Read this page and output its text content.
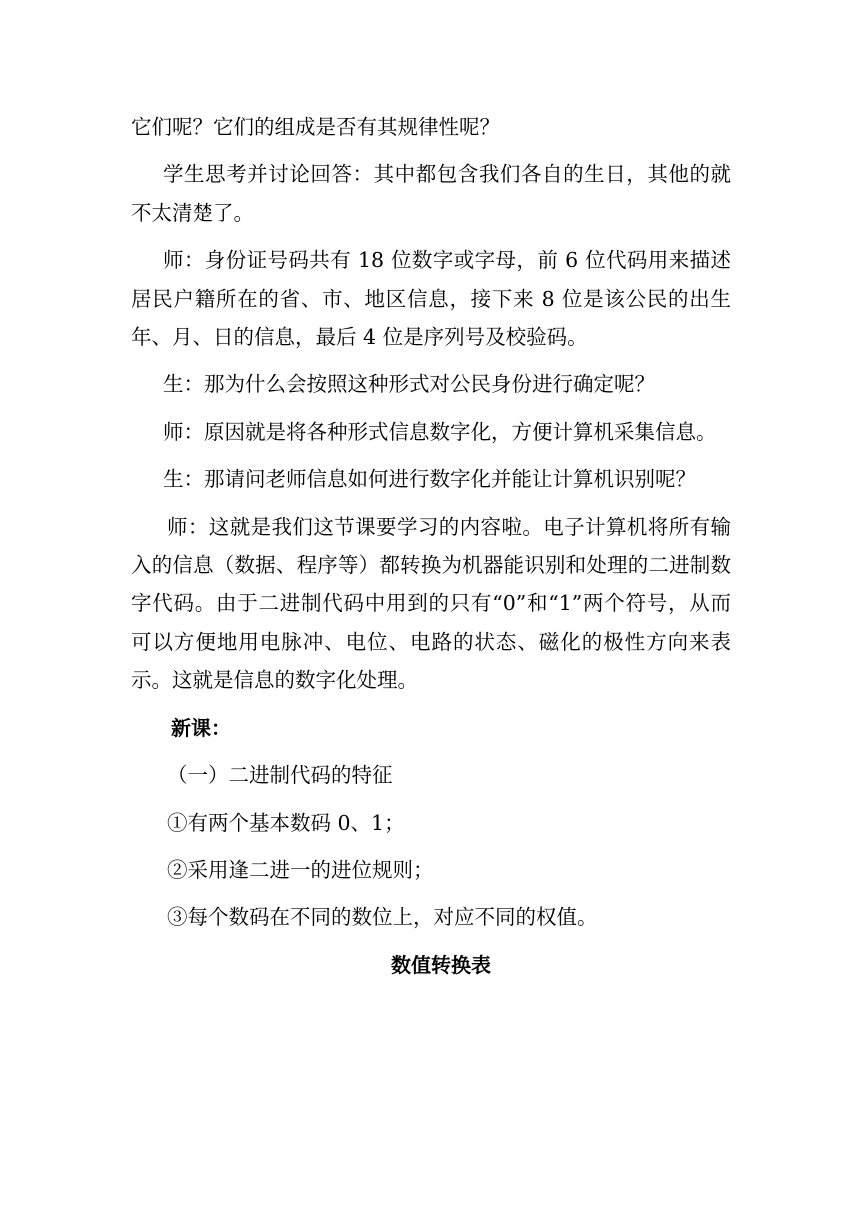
它们呢？它们的组成是否有其规律性呢？

学生思考并讨论回答：其中都包含我们各自的生日，其他的就不太清楚了。

师：身份证号码共有 18 位数字或字母，前 6 位代码用来描述居民户籍所在的省、市、地区信息，接下来 8 位是该公民的出生年、月、日的信息，最后 4 位是序列号及校验码。

生：那为什么会按照这种形式对公民身份进行确定呢？

师：原因就是将各种形式信息数字化，方便计算机采集信息。

生：那请问老师信息如何进行数字化并能让计算机识别呢？

师：这就是我们这节课要学习的内容啦。电子计算机将所有输入的信息（数据、程序等）都转换为机器能识别和处理的二进制数字代码。由于二进制代码中用到的只有“0”和“1”两个符号，从而可以方便地用电脉冲、电位、电路的状态、磁化的极性方向来表示。这就是信息的数字化处理。

新课：

（一）二进制代码的特征

①有两个基本数码 0、1；

②采用逢二进一的进位规则；

③每个数码在不同的数位上，对应不同的权值。

数值转换表
